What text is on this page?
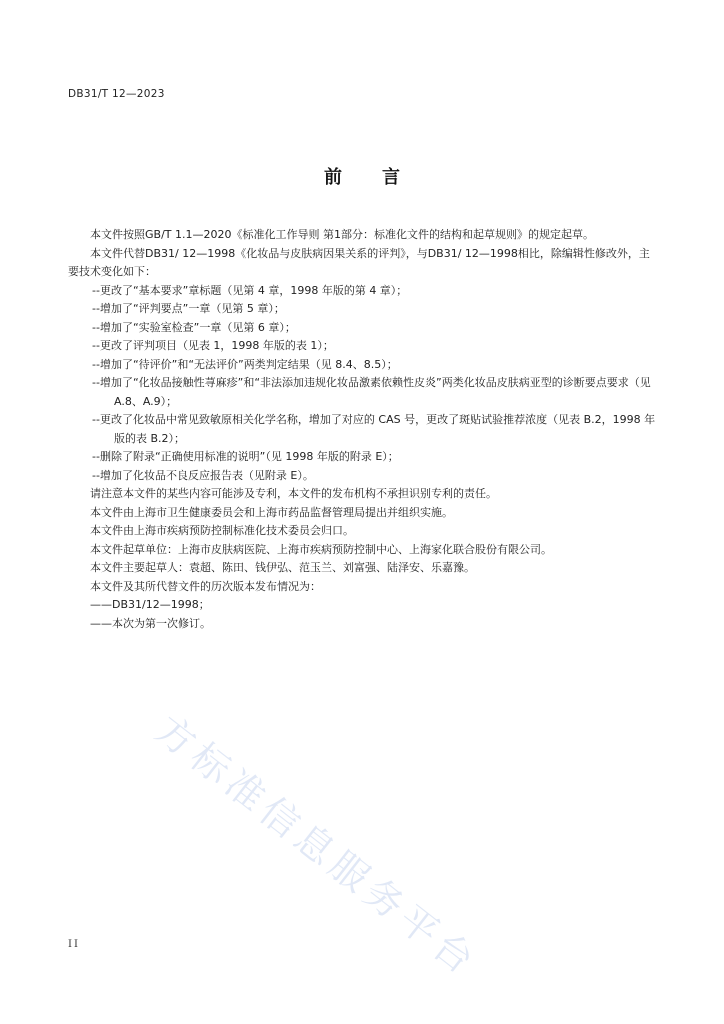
DB31/T 12—2023
前 言

本文件按照GB/T 1.1—2020《标准化工作导则 第1部分：标准化文件的结构和起草规则》的规定起草。

本文件代替DB31/ 12—1998《化妆品与皮肤病因果关系的评判》，与DB31/ 12—1998相比，除编辑性修改外，主要技术变化如下：

--更改了“基本要求”章标题（见第 4 章，1998 年版的第 4 章）；

--增加了“评判要点”一章（见第 5 章）；

--增加了“实验室检查”一章（见第 6 章）；

--更改了评判项目（见表 1，1998 年版的表 1）；

--增加了“待评价”和“无法评价”两类判定结果（见 8.4、8.5）；

--增加了“化妆品接触性荨麻疹”和“非法添加违规化妆品激素依赖性皮炎”两类化妆品皮肤病亚型的诊断要点要求（见 A.8、A.9）；

--更改了化妆品中常见致敏原相关化学名称，增加了对应的 CAS 号，更改了斑贴试验推荐浓度（见表 B.2，1998 年版的表 B.2）；

--删除了附录“正确使用标准的说明”（见 1998 年版的附录 E）；

--增加了化妆品不良反应报告表（见附录 E）。

请注意本文件的某些内容可能涉及专利，本文件的发布机构不承担识别专利的责任。

本文件由上海市卫生健康委员会和上海市药品监督管理局提出并组织实施。

本文件由上海市疾病预防控制标准化技术委员会归口。

本文件起草单位：上海市皮肤病医院、上海市疾病预防控制中心、上海家化联合股份有限公司。

本文件主要起草人：袁超、陈田、钱伊弘、范玉兰、刘富强、陆泽安、乐嘉豫。

本文件及其所代替文件的历次版本发布情况为：

——DB31/12—1998；

——本次为第一次修订。

方标准信息服务平台
II
